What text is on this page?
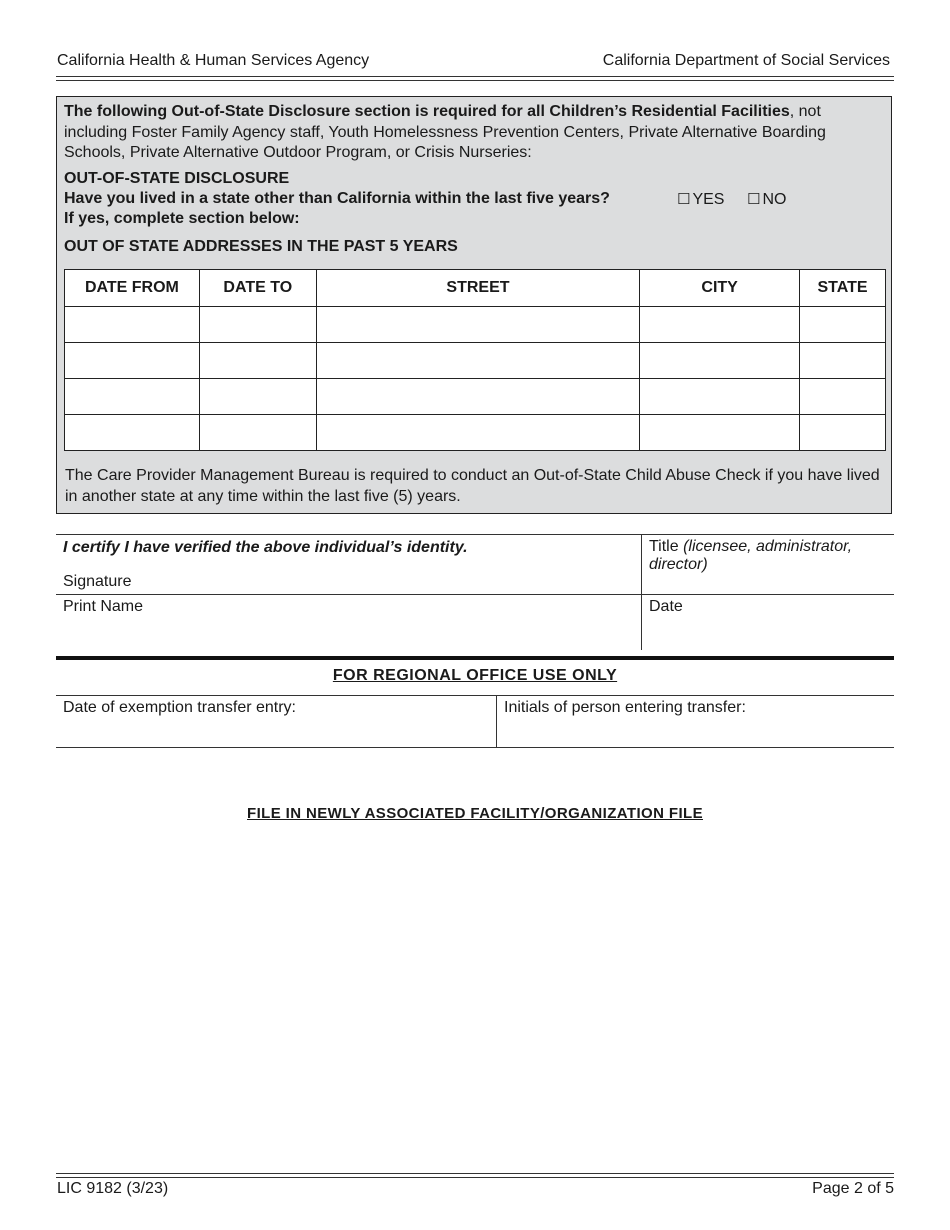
California Health & Human Services Agency	California Department of Social Services
The following Out-of-State Disclosure section is required for all Children’s Residential Facilities, not including Foster Family Agency staff, Youth Homelessness Prevention Centers, Private Alternative Boarding Schools, Private Alternative Outdoor Program, or Crisis Nurseries:
OUT-OF-STATE DISCLOSURE
Have you lived in a state other than California within the last five years?	☐ YES ☐ NO
If yes, complete section below:
OUT OF STATE ADDRESSES IN THE PAST 5 YEARS
DATE FROM	DATE TO	STREET	CITY	STATE

The Care Provider Management Bureau is required to conduct an Out-of-State Child Abuse Check if you have lived in another state at any time within the last five (5) years.
I certify I have verified the above individual’s identity.
Signature
Title (licensee, administrator, director)
Print Name	Date
FOR REGIONAL OFFICE USE ONLY
Date of exemption transfer entry:	Initials of person entering transfer:
FILE IN NEWLY ASSOCIATED FACILITY/ORGANIZATION FILE
LIC 9182 (3/23)	Page 2 of 5
